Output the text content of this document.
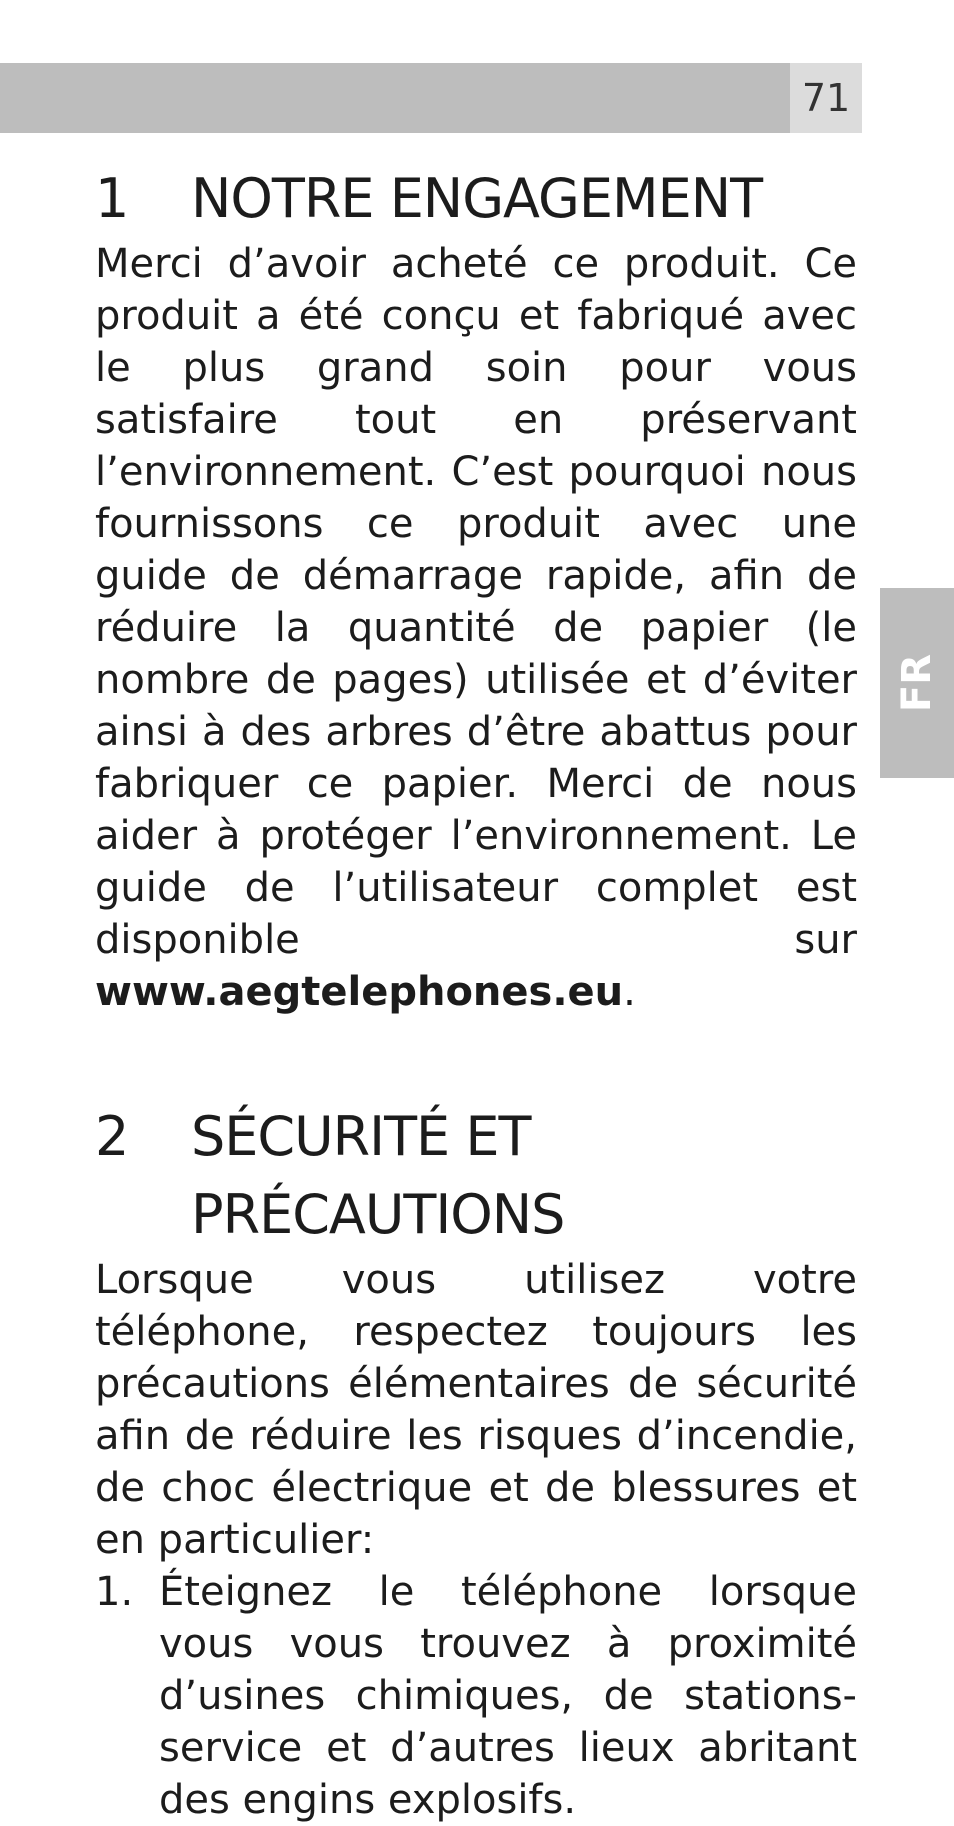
71
FR
1	NOTRE ENGAGEMENT

Merci d’avoir acheté ce produit. Ce produit a été conçu et fabriqué avec le plus grand soin pour vous satisfaire tout en préservant l’environnement. C’est pourquoi nous fournissons ce produit avec une guide de démarrage rapide, afin de réduire la quantité de papier (le nombre de pages) utilisée et d’éviter ainsi à des arbres d’être abattus pour fabriquer ce papier. Merci de nous aider à protéger l’environnement. Le guide de l’utilisateur complet est disponible sur www.aegtelephones.eu.

2	SÉCURITÉ ET PRÉCAUTIONS

Lorsque vous utilisez votre téléphone, respectez toujours les précautions élémentaires de sécurité afin de réduire les risques d’incendie, de choc électrique et de blessures et en particulier:

1. Éteignez le téléphone lorsque vous vous trouvez à proximité d’usines chimiques, de stations-service et d’autres lieux abritant des engins explosifs.
